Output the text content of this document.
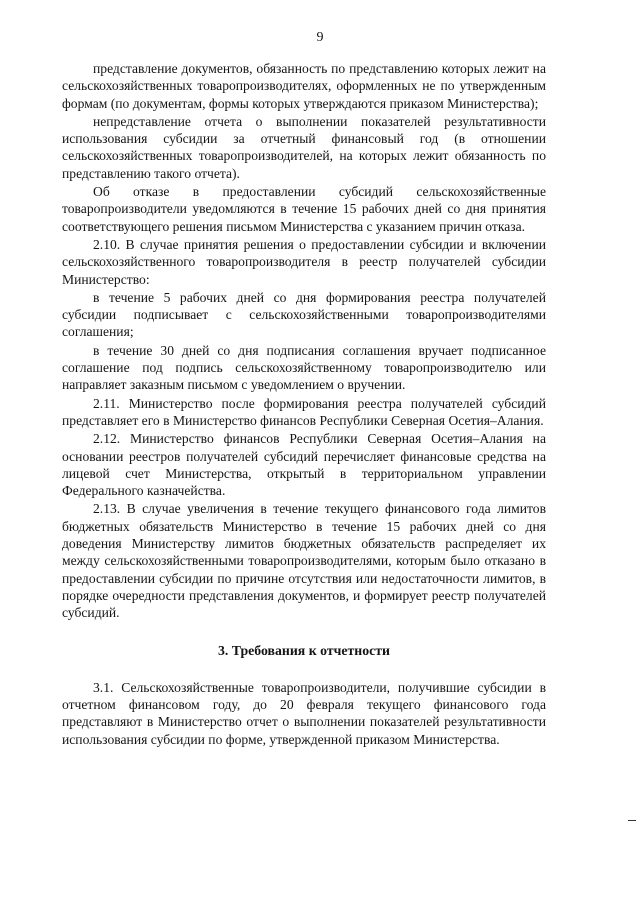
9

представление документов, обязанность по представлению которых лежит на сельскохозяйственных товаропроизводителях, оформленных не по утвержденным формам (по документам, формы которых утверждаются приказом Министерства);

непредставление отчета о выполнении показателей результативности использования субсидии за отчетный финансовый год (в отношении сельскохозяйственных товаропроизводителей, на которых лежит обязанность по представлению такого отчета).

Об отказе в предоставлении субсидий сельскохозяйственные товаропроизводители уведомляются в течение 15 рабочих дней со дня принятия соответствующего решения письмом Министерства с указанием причин отказа.

2.10. В случае принятия решения о предоставлении субсидии и включении сельскохозяйственного товаропроизводителя в реестр получателей субсидии Министерство:

в течение 5 рабочих дней со дня формирования реестра получателей субсидии подписывает с сельскохозяйственными товаропроизводителями соглашения;

в течение 30 дней со дня подписания соглашения вручает подписанное соглашение под подпись сельскохозяйственному товаропроизводителю или направляет заказным письмом с уведомлением о вручении.

2.11. Министерство после формирования реестра получателей субсидий представляет его в Министерство финансов Республики Северная Осетия–Алания.

2.12. Министерство финансов Республики Северная Осетия–Алания на основании реестров получателей субсидий перечисляет финансовые средства на лицевой счет Министерства, открытый в территориальном управлении Федерального казначейства.

2.13. В случае увеличения в течение текущего финансового года лимитов бюджетных обязательств Министерство в течение 15 рабочих дней со дня доведения Министерству лимитов бюджетных обязательств распределяет их между сельскохозяйственными товаропроизводителями, которым было отказано в предоставлении субсидии по причине отсутствия или недостаточности лимитов, в порядке очередности представления документов, и формирует реестр получателей субсидий.

3. Требования к отчетности

3.1. Сельскохозяйственные товаропроизводители, получившие субсидии в отчетном финансовом году, до 20 февраля текущего финансового года представляют в Министерство отчет о выполнении показателей результативности использования субсидии по форме, утвержденной приказом Министерства.
